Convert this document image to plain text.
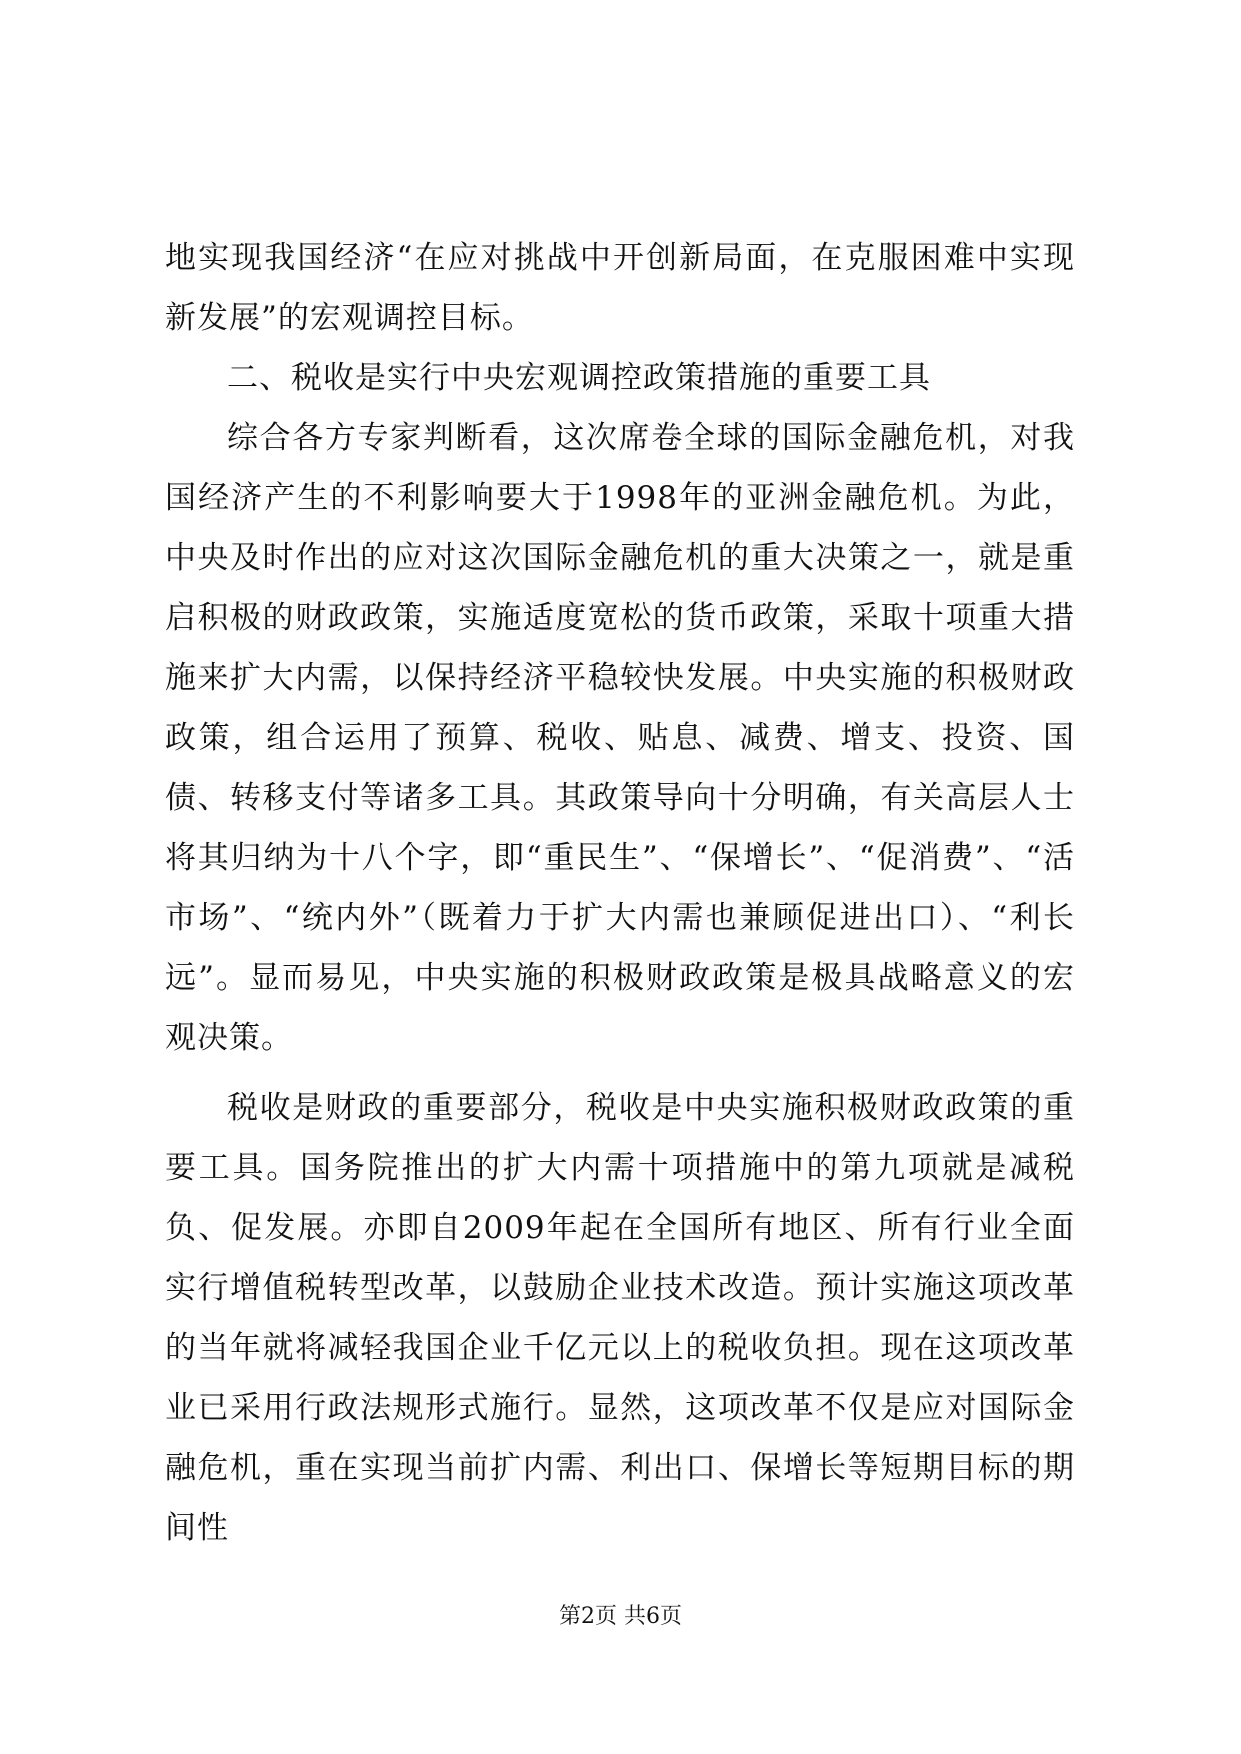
地实现我国经济“在应对挑战中开创新局面，在克服困难中实现新发展”的宏观调控目标。

二、税收是实行中央宏观调控政策措施的重要工具

综合各方专家判断看，这次席卷全球的国际金融危机，对我国经济产生的不利影响要大于1998年的亚洲金融危机。为此，中央及时作出的应对这次国际金融危机的重大决策之一，就是重启积极的财政政策，实施适度宽松的货币政策，采取十项重大措施来扩大内需，以保持经济平稳较快发展。中央实施的积极财政政策，组合运用了预算、税收、贴息、减费、增支、投资、国债、转移支付等诸多工具。其政策导向十分明确，有关高层人士将其归纳为十八个字，即“重民生”、“保增长”、“促消费”、“活市场”、“统内外”（既着力于扩大内需也兼顾促进出口）、“利长远”。显而易见，中央实施的积极财政政策是极具战略意义的宏观决策。

税收是财政的重要部分，税收是中央实施积极财政政策的重要工具。国务院推出的扩大内需十项措施中的第九项就是减税负、促发展。亦即自2009年起在全国所有地区、所有行业全面实行增值税转型改革，以鼓励企业技术改造。预计实施这项改革的当年就将减轻我国企业千亿元以上的税收负担。现在这项改革业已采用行政法规形式施行。显然，这项改革不仅是应对国际金融危机，重在实现当前扩内需、利出口、保增长等短期目标的期间性

第2页 共6页
